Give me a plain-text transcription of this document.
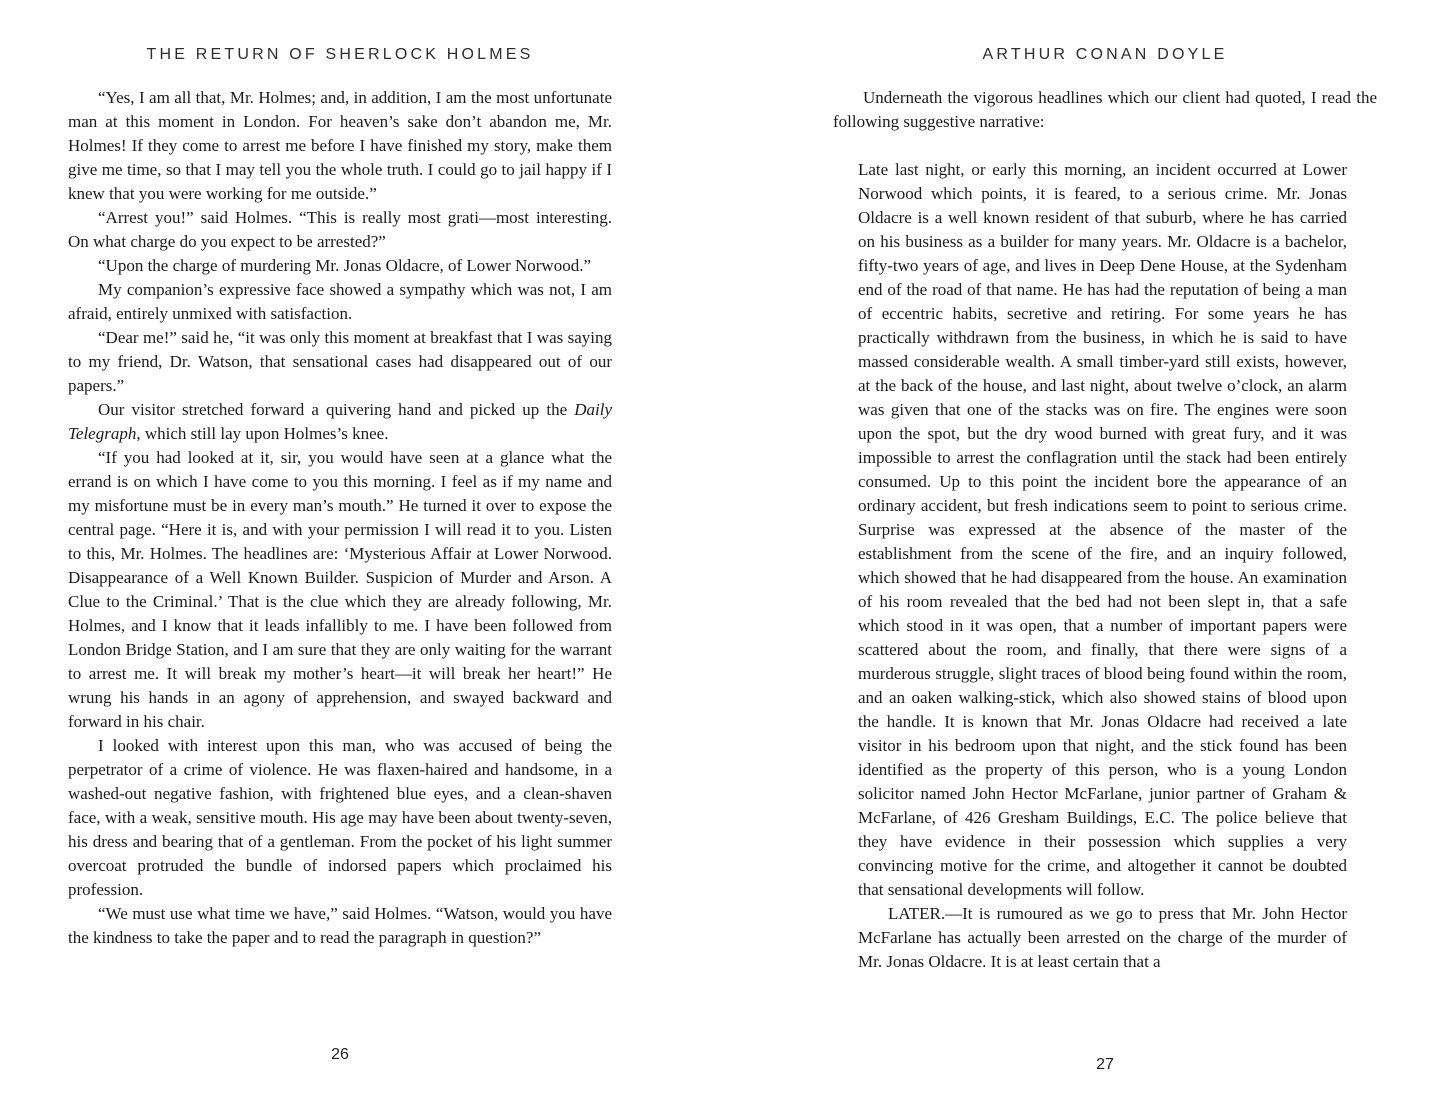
THE RETURN OF SHERLOCK HOLMES

“Yes, I am all that, Mr. Holmes; and, in addition, I am the most unfortunate man at this moment in London. For heaven’s sake don’t abandon me, Mr. Holmes! If they come to arrest me before I have finished my story, make them give me time, so that I may tell you the whole truth. I could go to jail happy if I knew that you were working for me outside.”

“Arrest you!” said Holmes. “This is really most grati—most interesting. On what charge do you expect to be arrested?”

“Upon the charge of murdering Mr. Jonas Oldacre, of Lower Norwood.”

My companion’s expressive face showed a sympathy which was not, I am afraid, entirely unmixed with satisfaction.

“Dear me!” said he, “it was only this moment at breakfast that I was saying to my friend, Dr. Watson, that sensational cases had disappeared out of our papers.”

Our visitor stretched forward a quivering hand and picked up the Daily Telegraph, which still lay upon Holmes’s knee.

“If you had looked at it, sir, you would have seen at a glance what the errand is on which I have come to you this morning. I feel as if my name and my misfortune must be in every man’s mouth.” He turned it over to expose the central page. “Here it is, and with your permission I will read it to you. Listen to this, Mr. Holmes. The headlines are: ‘Mysterious Affair at Lower Norwood. Disappearance of a Well Known Builder. Suspicion of Murder and Arson. A Clue to the Criminal.’ That is the clue which they are already following, Mr. Holmes, and I know that it leads infallibly to me. I have been followed from London Bridge Station, and I am sure that they are only waiting for the warrant to arrest me. It will break my mother’s heart—it will break her heart!” He wrung his hands in an agony of apprehension, and swayed backward and forward in his chair.

I looked with interest upon this man, who was accused of being the perpetrator of a crime of violence. He was flaxen-haired and handsome, in a washed-out negative fashion, with frightened blue eyes, and a clean-shaven face, with a weak, sensitive mouth. His age may have been about twenty-seven, his dress and bearing that of a gentleman. From the pocket of his light summer overcoat protruded the bundle of indorsed papers which proclaimed his profession.

“We must use what time we have,” said Holmes. “Watson, would you have the kindness to take the paper and to read the paragraph in question?”

26
ARTHUR CONAN DOYLE

Underneath the vigorous headlines which our client had quoted, I read the following suggestive narrative:

Late last night, or early this morning, an incident occurred at Lower Norwood which points, it is feared, to a serious crime. Mr. Jonas Oldacre is a well known resident of that suburb, where he has carried on his business as a builder for many years. Mr. Oldacre is a bachelor, fifty-two years of age, and lives in Deep Dene House, at the Sydenham end of the road of that name. He has had the reputation of being a man of eccentric habits, secretive and retiring. For some years he has practically withdrawn from the business, in which he is said to have massed considerable wealth. A small timber-yard still exists, however, at the back of the house, and last night, about twelve o’clock, an alarm was given that one of the stacks was on fire. The engines were soon upon the spot, but the dry wood burned with great fury, and it was impossible to arrest the conflagration until the stack had been entirely consumed. Up to this point the incident bore the appearance of an ordinary accident, but fresh indications seem to point to serious crime. Surprise was expressed at the absence of the master of the establishment from the scene of the fire, and an inquiry followed, which showed that he had disappeared from the house. An examination of his room revealed that the bed had not been slept in, that a safe which stood in it was open, that a number of important papers were scattered about the room, and finally, that there were signs of a murderous struggle, slight traces of blood being found within the room, and an oaken walking-stick, which also showed stains of blood upon the handle. It is known that Mr. Jonas Oldacre had received a late visitor in his bedroom upon that night, and the stick found has been identified as the property of this person, who is a young London solicitor named John Hector McFarlane, junior partner of Graham & McFarlane, of 426 Gresham Buildings, E.C. The police believe that they have evidence in their possession which supplies a very convincing motive for the crime, and altogether it cannot be doubted that sensational developments will follow.

LATER.—It is rumoured as we go to press that Mr. John Hector McFarlane has actually been arrested on the charge of the murder of Mr. Jonas Oldacre. It is at least certain that a

27
